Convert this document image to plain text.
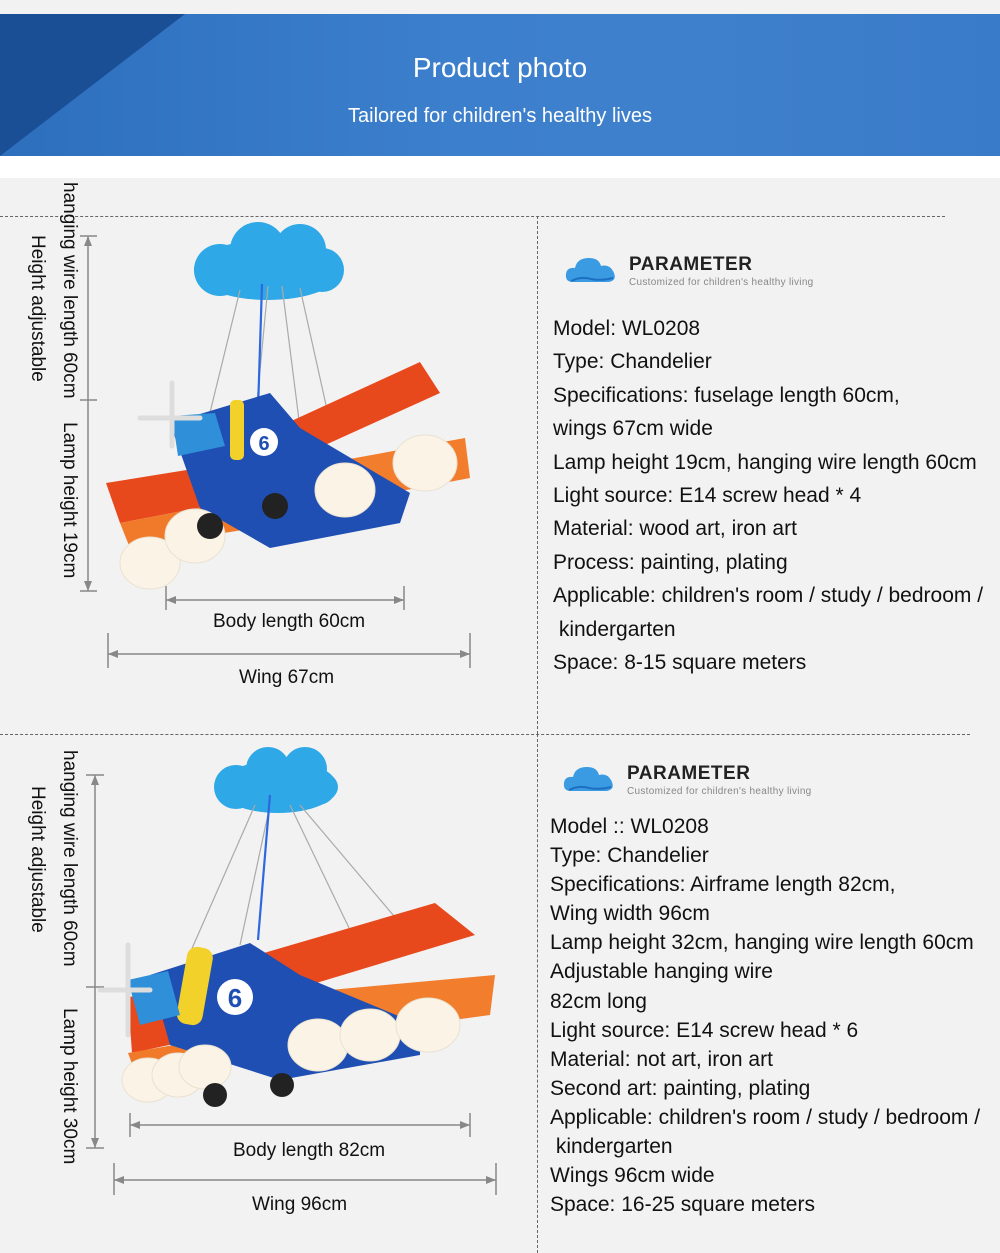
Product photo
Tailored for children's healthy lives
Height adjustable hanging wire length 60cm
Lamp height 19cm	6
Body length 60cm
Wing 67cm
PARAMETER
Customized for children's healthy living
Model: WL0208
Type: Chandelier
Specifications: fuselage length 60cm,
wings 67cm wide
Lamp height 19cm, hanging wire length 60cm
Light source: E14 screw head * 4
Material: wood art, iron art
Process: painting, plating
Applicable: children's room / study / bedroom /
kindergarten
Space: 8-15 square meters
Height adjustable hanging wire length 60cm
Lamp height 30cm
6
Body length 82cm
Wing 96cm
PARAMETER
Customized for children's healthy living
Model :: WL0208
Type: Chandelier
Specifications: Airframe length 82cm,
Wing width 96cm
Lamp height 32cm, hanging wire length 60cm
Adjustable hanging wire
82cm long
Light source: E14 screw head * 6
Material: not art, iron art
Second art: painting, plating
Applicable: children's room / study / bedroom /
kindergarten
Wings 96cm wide
Space: 16-25 square meters
